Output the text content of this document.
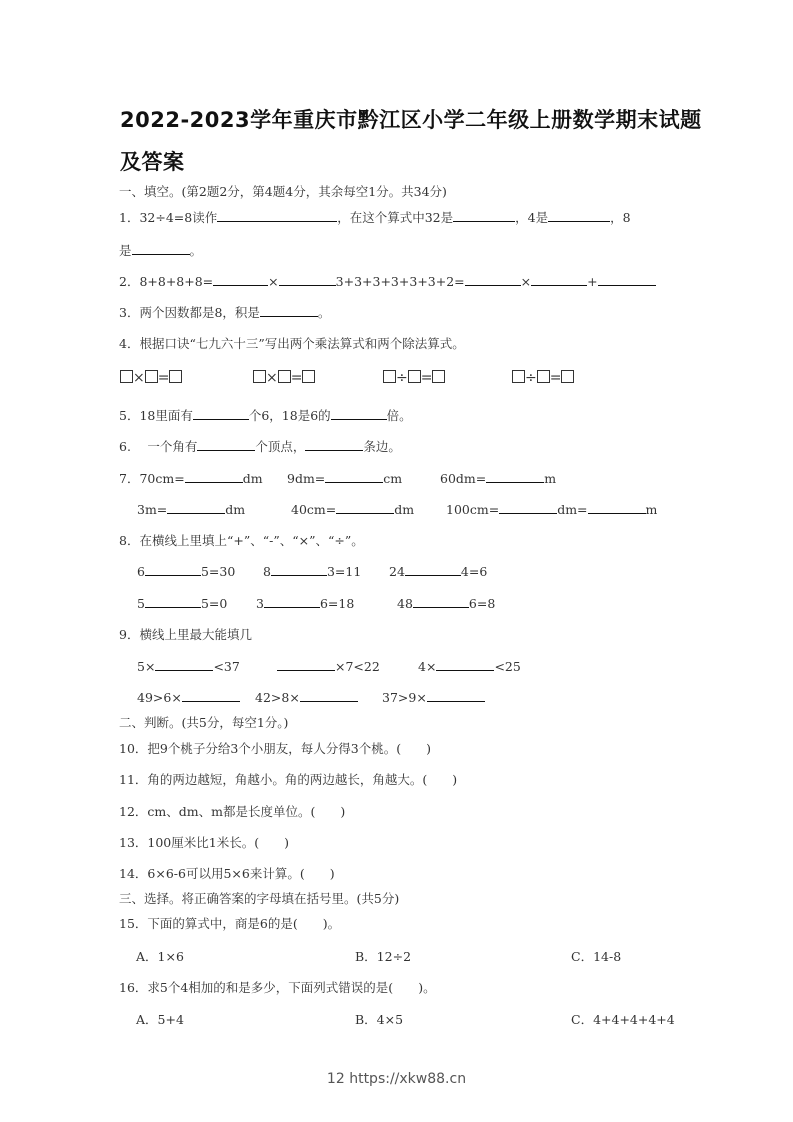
2022-2023学年重庆市黔江区小学二年级上册数学期末试题
及答案
一、填空。(第2题2分，第4题4分，其余每空1分。共34分)
1．32÷4=8读作	，在这个算式中32是	，4是	，8
是	。
2．8+8+8+8=	×	3+3+3+3+3+3+2=	×	+
3．两个因数都是8，积是	。
4．根据口诀“七九六十三”写出两个乘法算式和两个除法算式。
× =	× =	÷ =	÷ =
5．18里面有	个6，18是6的	倍。
6.　 一个角有	个顶点，	条边。
7．70cm=	dm 9dm=	cm	60dm=	m
3m=	dm	40cm=	dm	100cm=	dm=	m
8．在横线上里填上“+”、“-”、“×”、“÷”。
6	5=30 8	3=11 24	4=6
5	5=0 3	6=18	48	6=8
9．横线上里最大能填几
5×	<37	×7<22	4×	<25
49>6×	42>8×	37>9×
二、判断。(共5分，每空1分。)
10．把9个桃子分给3个小朋友，每人分得3个桃。(　　)
11．角的两边越短，角越小。角的两边越长，角越大。(　　)
12．cm、dm、m都是长度单位。(　　)
13．100厘米比1米长。(　　)
14．6×6-6可以用5×6来计算。(　　)
三、选择。将正确答案的字母填在括号里。(共5分)
15．下面的算式中，商是6的是(　　)。
A．1×6	B．12÷2	C．14-8
16．求5个4相加的和是多少，下面列式错误的是(　　)。
A．5+4	B．4×5	C．4+4+4+4+4
12 https://xkw88.cn
